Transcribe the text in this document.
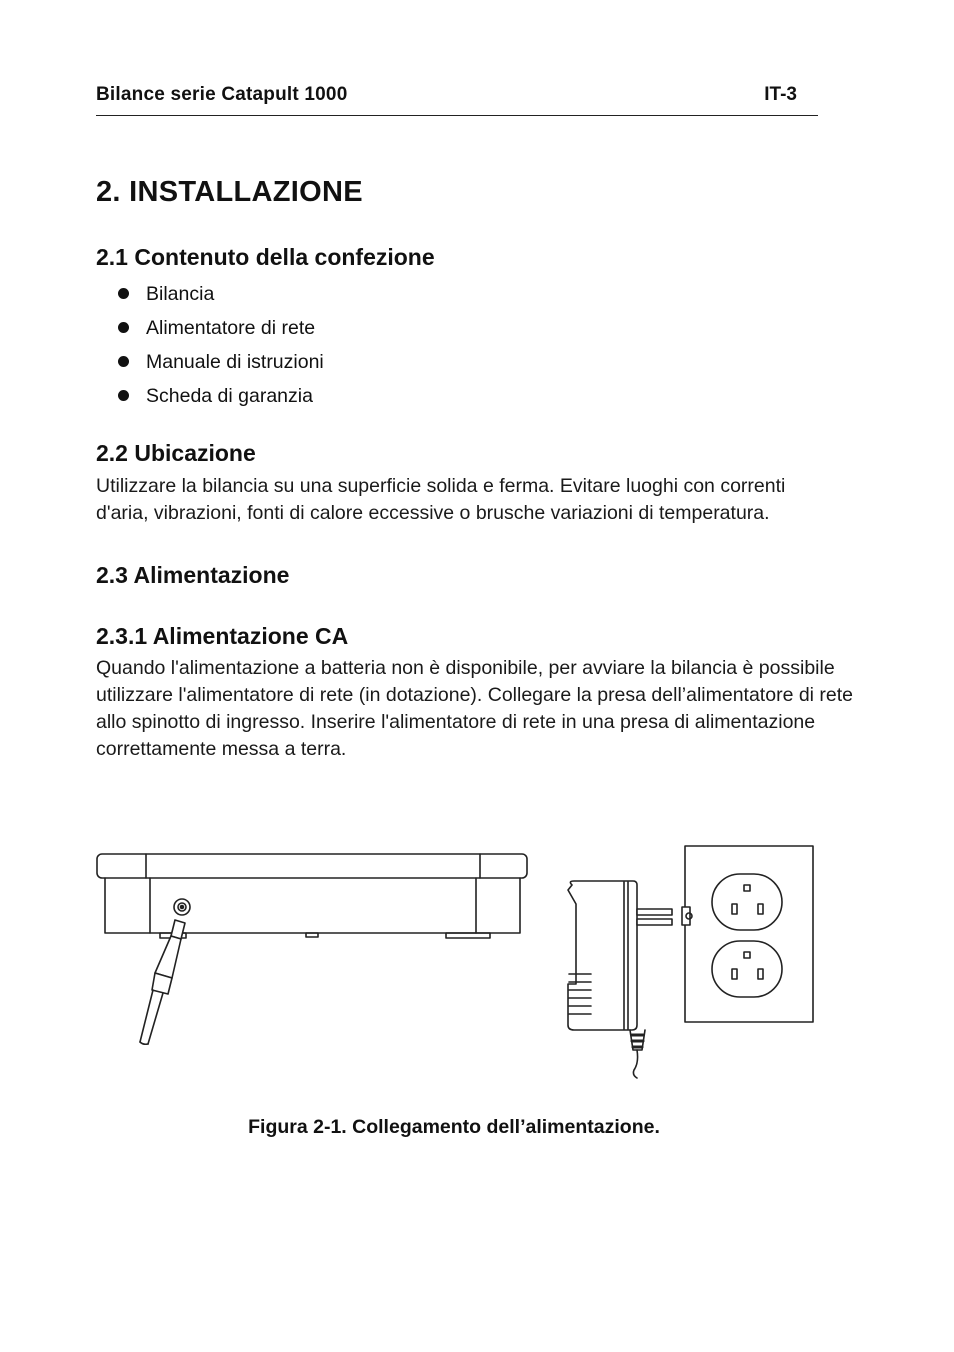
Bilance serie Catapult 1000	IT-3
2. INSTALLAZIONE
2.1 Contenuto della confezione
Bilancia
Alimentatore di rete
Manuale di istruzioni
Scheda di garanzia
2.2 Ubicazione

Utilizzare la bilancia su una superficie solida e ferma. Evitare luoghi con correnti d'aria, vibrazioni, fonti di calore eccessive o brusche variazioni di temperatura.

2.3 Alimentazione
2.3.1 Alimentazione CA

Quando l'alimentazione a batteria non è disponibile, per avviare la bilancia è possibile utilizzare l'alimentatore di rete (in dotazione). Collegare la presa dell’alimentatore di rete allo spinotto di ingresso. Inserire l'alimentatore di rete in una presa di alimentazione correttamente messa a terra.

Figura 2-1. Collegamento dell’alimentazione.
